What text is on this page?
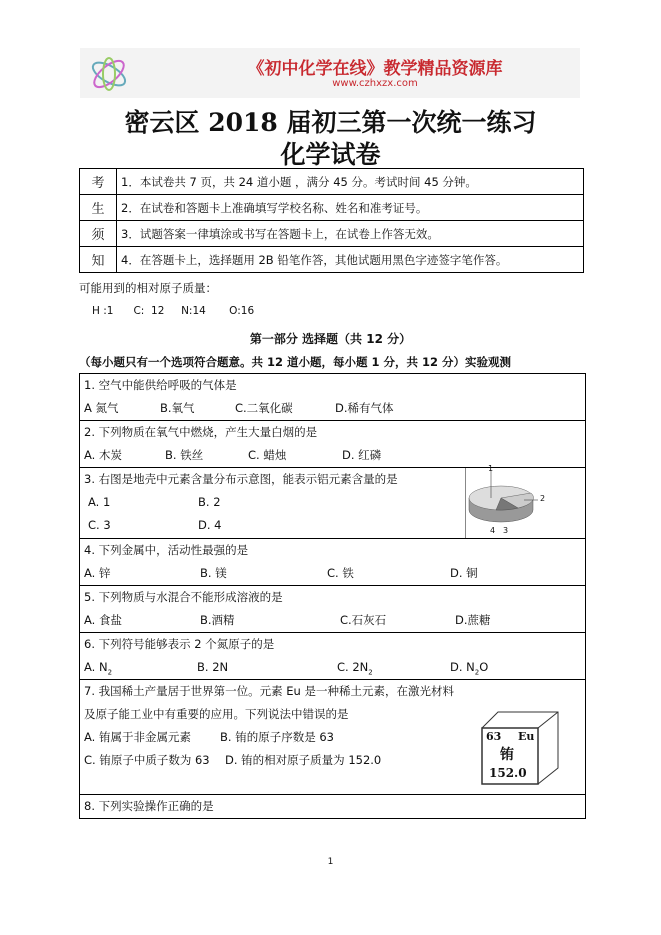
《初中化学在线》教学精品资源库
www.czhxzx.com
密云区 2018 届初三第一次统一练习
化学试卷
考	1．本试卷共 7 页，共 24 道小题 ，满分 45 分。考试时间 45 分钟。
生	2．在试卷和答题卡上准确填写学校名称、姓名和准考证号。
须	3．试题答案一律填涂或书写在答题卡上，在试卷上作答无效。
知	4．在答题卡上，选择题用 2B 铅笔作答，其他试题用黑色字迹签字笔作答。
可能用到的相对原子质量：
H :1      C:  12     N:14       O:16
第一部分 选择题（共 12 分）
（每小题只有一个选项符合题意。共 12 道小题，每小题 1 分，共 12 分）实验观测
1. 空气中能供给呼吸的气体是
A 氮气	B.氧气	C.二氧化碳	D.稀有气体
2. 下列物质在氧气中燃烧，产生大量白烟的是
A. 木炭	B. 铁丝	C. 蜡烛	D. 红磷
3. 右图是地壳中元素含量分布示意图，能表示铝元素含量的是
A. 1	B. 2
C. 3	D. 4
1
2
3
4
4. 下列金属中，活动性最强的是
A. 锌	B. 镁	C. 铁	D. 铜
5. 下列物质与水混合不能形成溶液的是
A. 食盐	B.酒精	C.石灰石	D.蔗糖
6. 下列符号能够表示 2 个氮原子的是
A. $N_2$	B. 2N	C. $2N_2$	D. $N_2O$
7. 我国稀土产量居于世界第一位。元素 Eu 是一种稀土元素，在激光材料
及原子能工业中有重要的应用。下列说法中错误的是
A. 铕属于非金属元素	B. 铕的原子序数是 63
C. 铕原子中质子数为 63 D. 铕的相对原子质量为 152.0
63 Eu
铕
152.0
8. 下列实验操作正确的是
1
